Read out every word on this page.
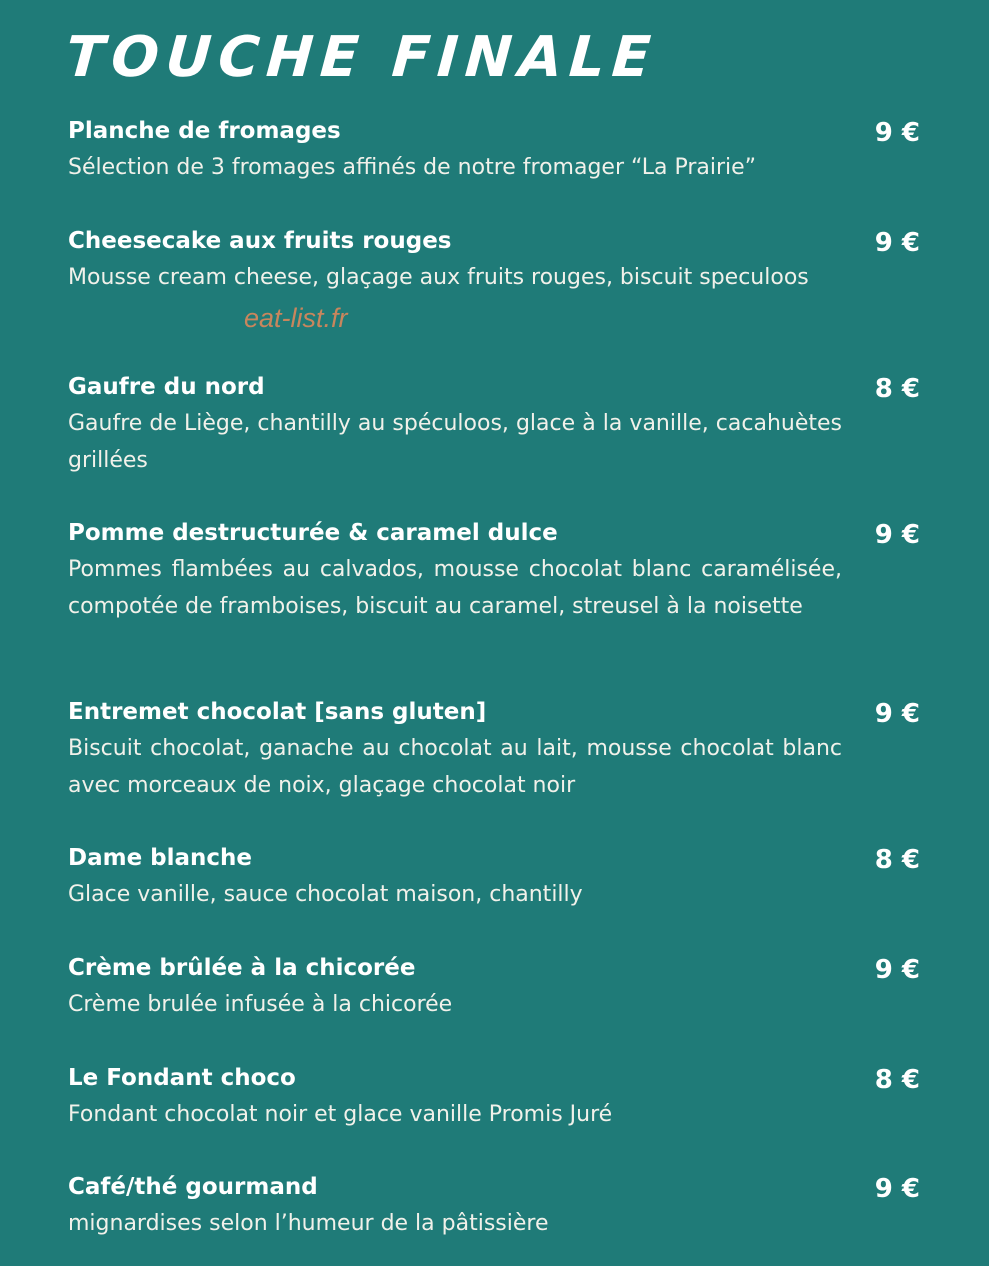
TOUCHE FINALE
Planche de fromages	9 €
Sélection de 3 fromages affinés de notre fromager “La Prairie”
Cheesecake aux fruits rouges	9 €
Mousse cream cheese, glaçage aux fruits rouges, biscuit speculoos
eat-list.fr
Gaufre du nord	8 €
Gaufre de Liège, chantilly au spéculoos, glace à la vanille, cacahuètes grillées
Pomme destructurée & caramel dulce	9 €
Pommes flambées au calvados, mousse chocolat blanc caramélisée, compotée de framboises, biscuit au caramel, streusel à la noisette
Entremet chocolat [sans gluten]	9 €
Biscuit chocolat, ganache au chocolat au lait, mousse chocolat blanc avec morceaux de noix, glaçage chocolat noir
Dame blanche	8 €
Glace vanille, sauce chocolat maison, chantilly
Crème brûlée à la chicorée	9 €
Crème brulée infusée à la chicorée
Le Fondant choco	8 €
Fondant chocolat noir et glace vanille Promis Juré
Café/thé gourmand	9 €
mignardises selon l’humeur de la pâtissière
